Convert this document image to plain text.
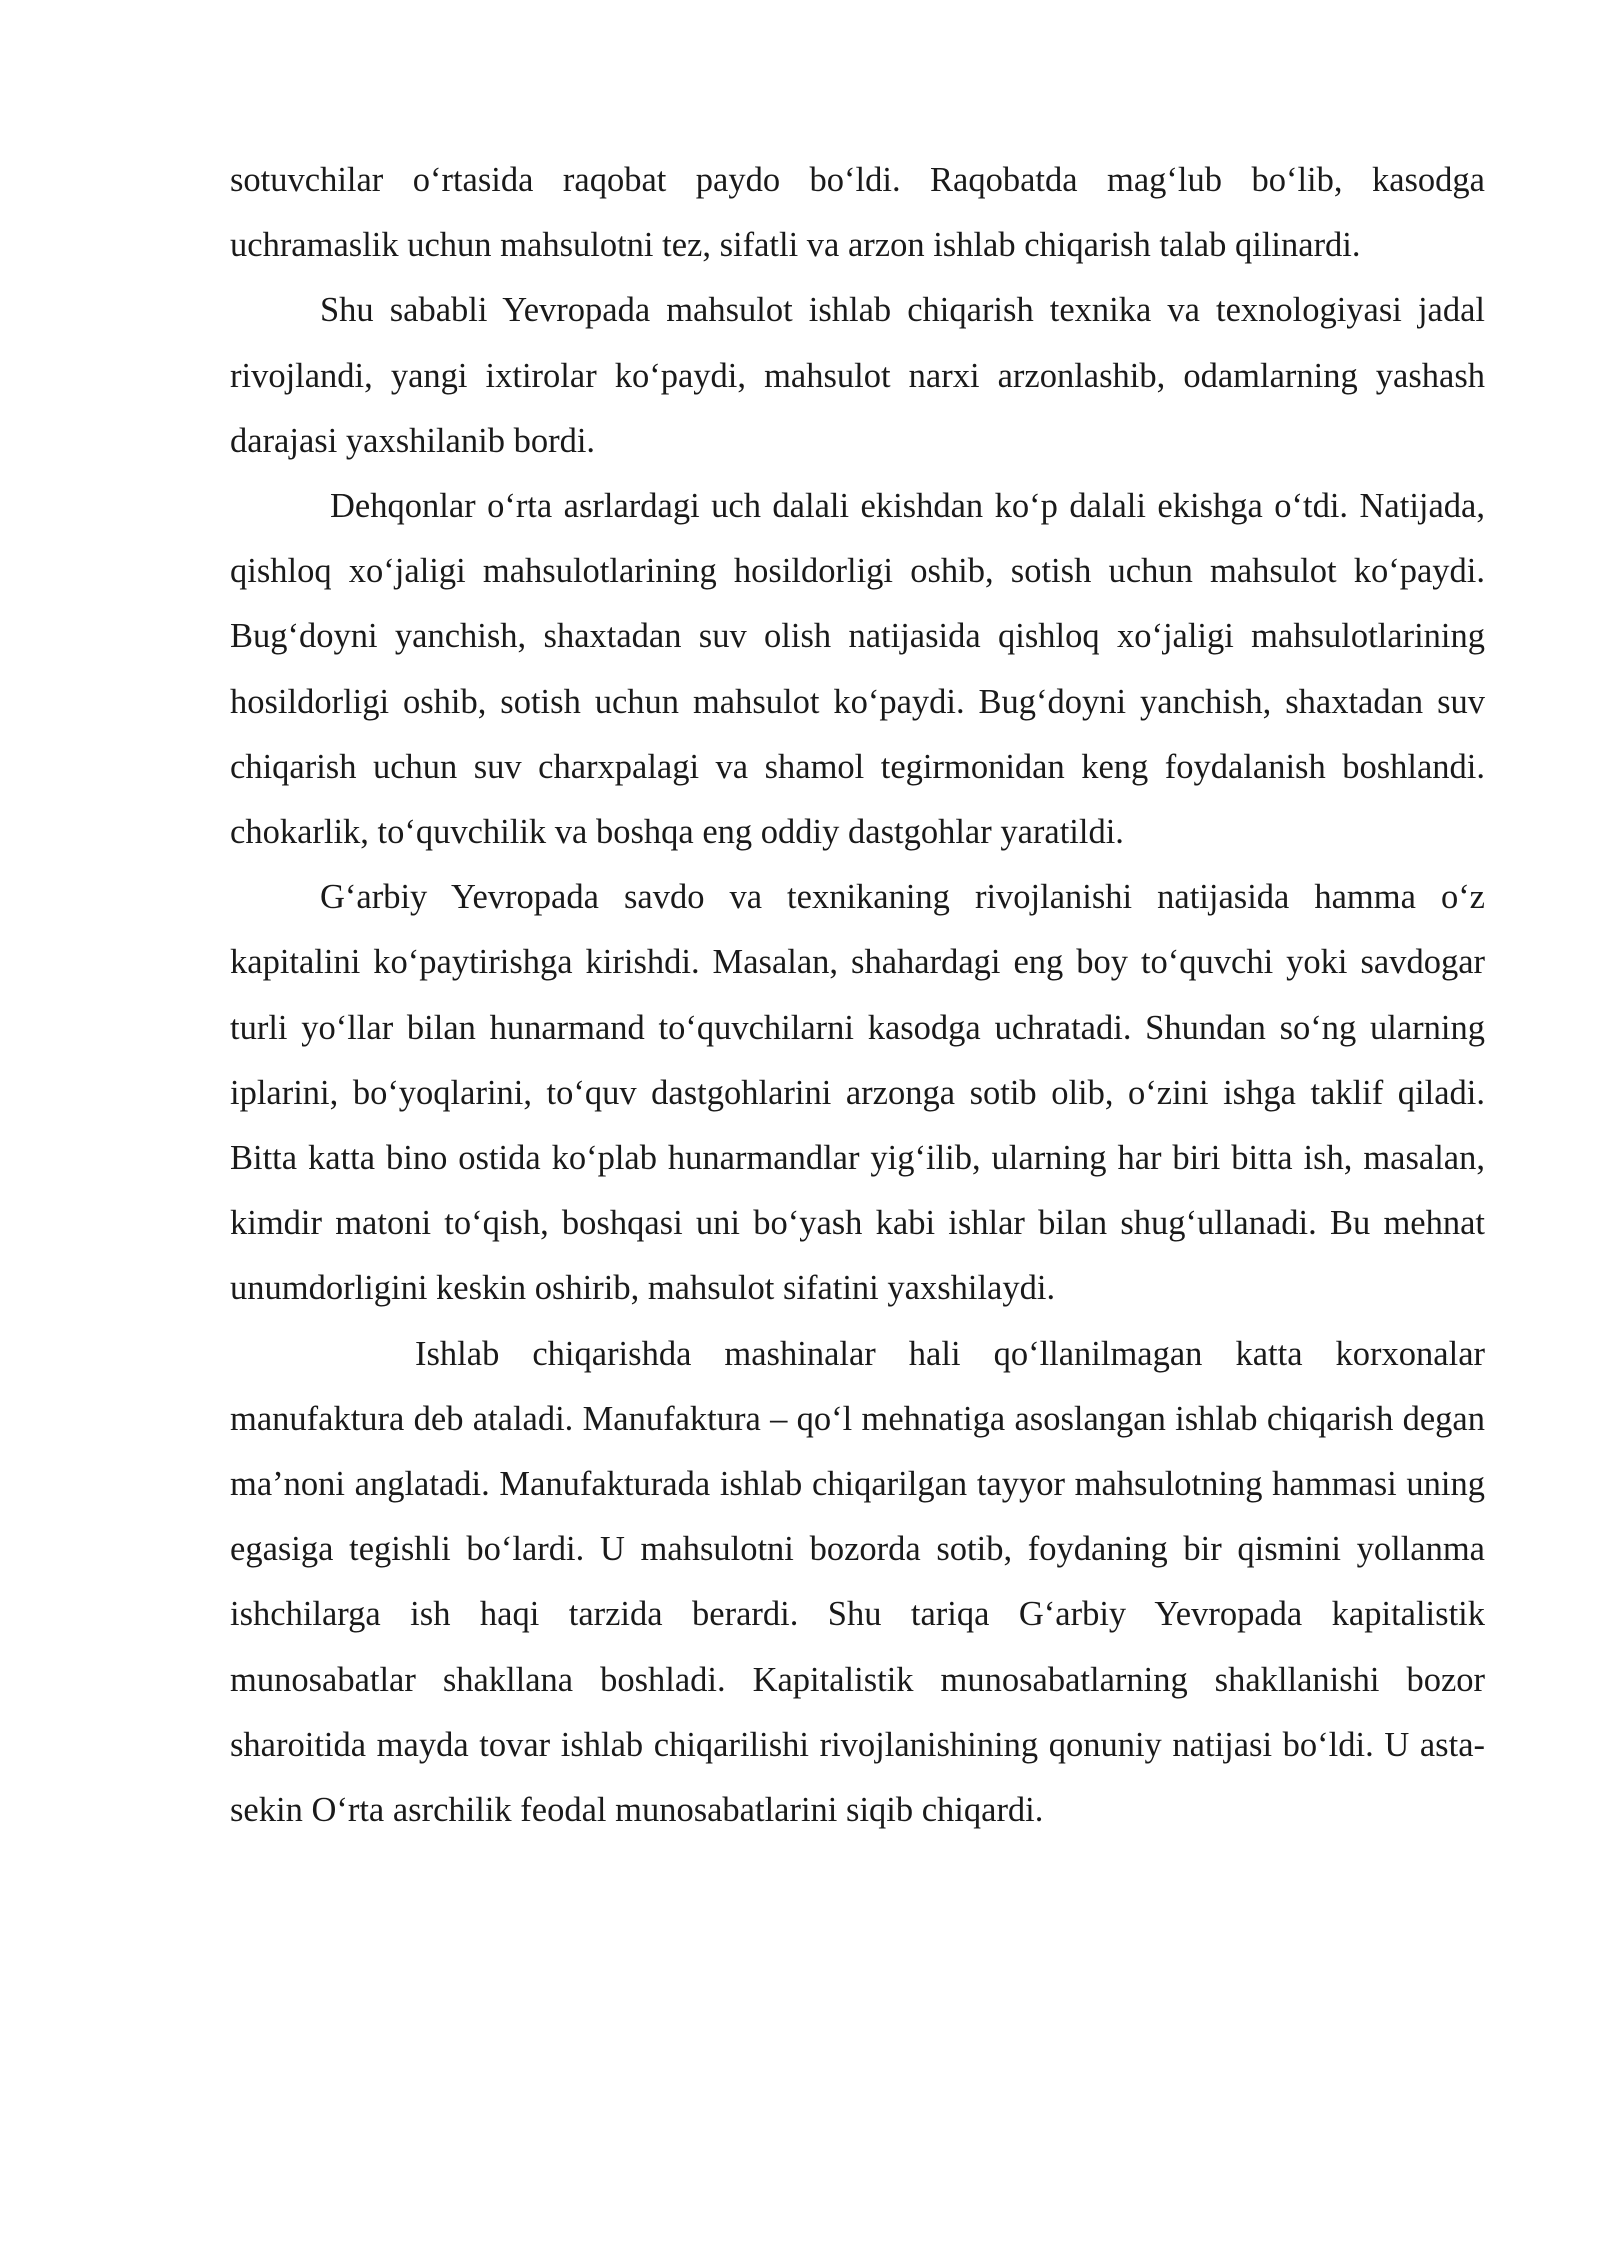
sotuvchilar o‘rtasida raqobat paydo bo‘ldi. Raqobatda mag‘lub bo‘lib, kasodga uchramaslik uchun mahsulotni tez, sifatli va arzon ishlab chiqarish talab qilinardi.

Shu sababli Yevropada mahsulot ishlab chiqarish texnika va texnologiyasi jadal rivojlandi, yangi ixtirolar ko‘paydi, mahsulot narxi arzonlashib, odamlarning yashash darajasi yaxshilanib bordi.

Dehqonlar o‘rta asrlardagi uch dalali ekishdan ko‘p dalali ekishga o‘tdi. Natijada, qishloq xo‘jaligi mahsulotlarining hosildorligi oshib, sotish uchun mahsulot ko‘paydi. Bug‘doyni yanchish, shaxtadan suv olish natijasida qishloq xo‘jaligi mahsulotlarining hosildorligi oshib, sotish uchun mahsulot ko‘paydi. Bug‘doyni yanchish, shaxtadan suv chiqarish uchun suv charxpalagi va shamol tegirmonidan keng foydalanish boshlandi. chokarlik, to‘quvchilik va boshqa eng oddiy dastgohlar yaratildi.

G‘arbiy Yevropada savdo va texnikaning rivojlanishi natijasida hamma o‘z kapitalini ko‘paytirishga kirishdi. Masalan, shahardagi eng boy to‘quvchi yoki savdogar turli yo‘llar bilan hunarmand to‘quvchilarni kasodga uchratadi. Shundan so‘ng ularning iplarini, bo‘yoqlarini, to‘quv dastgohlarini arzonga sotib olib, o‘zini ishga taklif qiladi. Bitta katta bino ostida ko‘plab hunarmandlar yig‘ilib, ularning har biri bitta ish, masalan, kimdir matoni to‘qish, boshqasi uni bo‘yash kabi ishlar bilan shug‘ullanadi. Bu mehnat unumdorligini keskin oshirib, mahsulot sifatini yaxshilaydi.

Ishlab chiqarishda mashinalar hali qo‘llanilmagan katta korxonalar manufaktura deb ataladi. Manufaktura – qo‘l mehnatiga asoslangan ishlab chiqarish degan ma’noni anglatadi. Manufakturada ishlab chiqarilgan tayyor mahsulotning hammasi uning egasiga tegishli bo‘lardi. U mahsulotni bozorda sotib, foydaning bir qismini yollanma ishchilarga ish haqi tarzida berardi. Shu tariqa G‘arbiy Yevropada kapitalistik munosabatlar shakllana boshladi. Kapitalistik munosabatlarning shakllanishi bozor sharoitida mayda tovar ishlab chiqarilishi rivojlanishining qonuniy natijasi bo‘ldi. U asta-sekin O‘rta asrchilik feodal munosabatlarini siqib chiqardi.
